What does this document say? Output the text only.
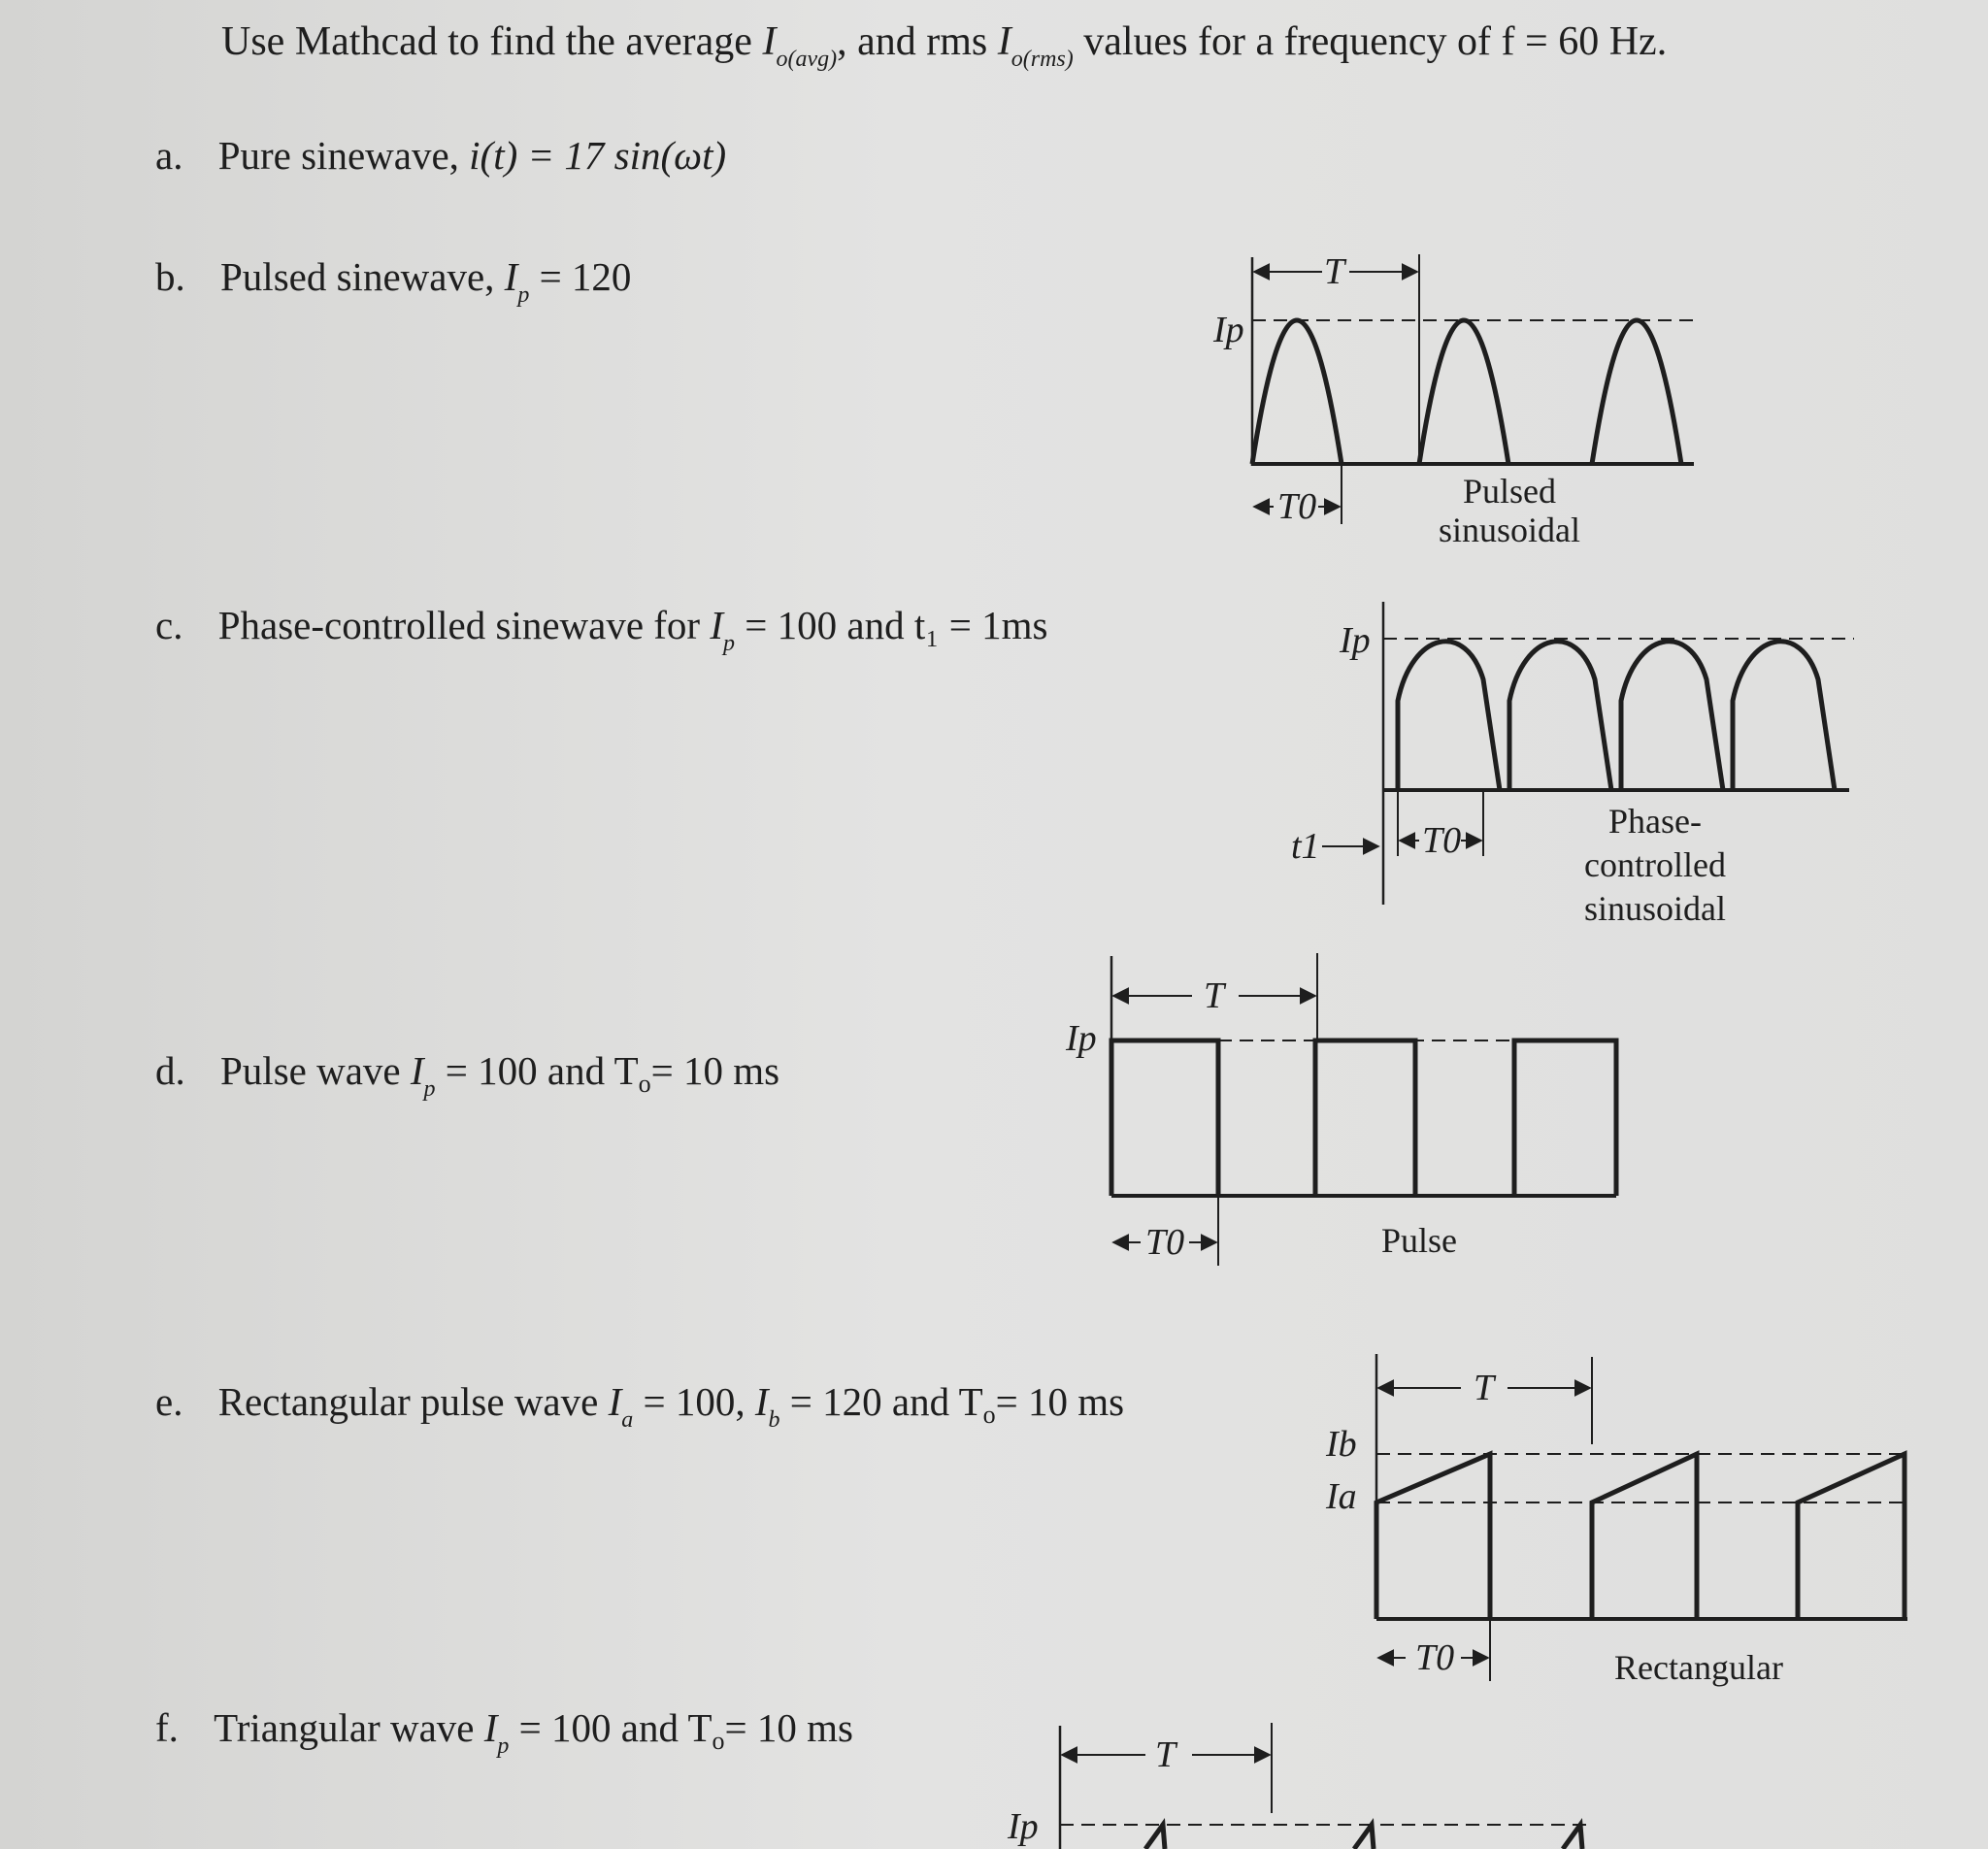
Use Mathcad to find the average $I_{o(avg)}$, and rms $I_{o(rms)}$ values for a frequency of f = 60 Hz.
a. Pure sinewave, i(t) = 17 sin(ωt)
b. Pulsed sinewave, $I_p = 120$
c. Phase-controlled sinewave for $I_p = 100$ and t₁ = 1ms
d. Pulse wave $I_p = 100$ and To= 10 ms
e. Rectangular pulse wave $I_a = 100$, $I_b = 120$ and To= 10 ms
f. Triangular wave $I_p = 100$ and To= 10 ms
Ip
T
T0	Pulsed
sinusoidal
Ip
t1	T0	Phase-
controlled
sinusoidal
Ip
T
T0	Pulse
Ib
Ia
T
T0	Rectangular
Ip
T
